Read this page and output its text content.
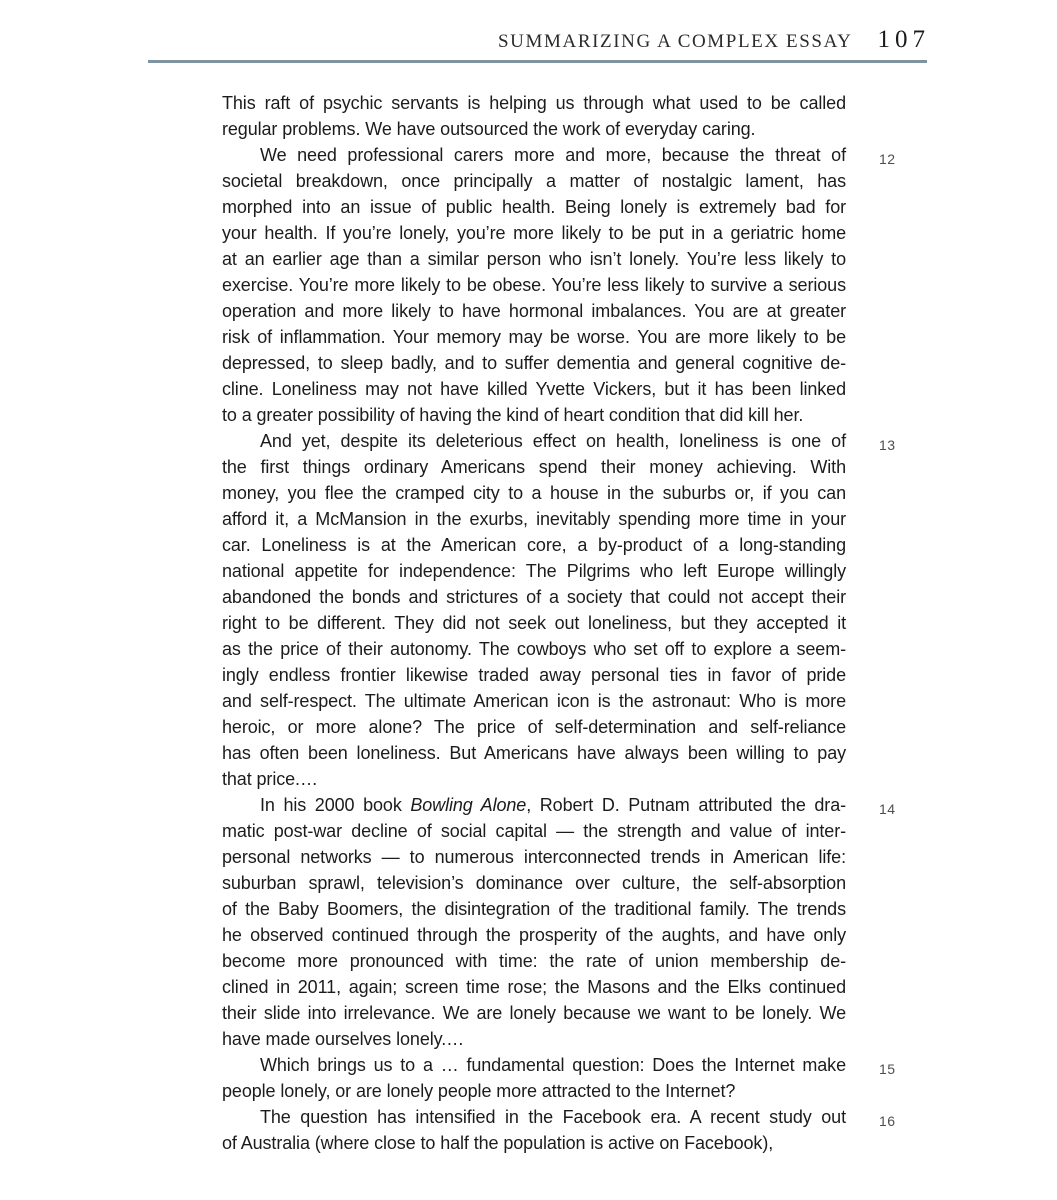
SUMMARIZING A COMPLEX ESSAY 107
This raft of psychic servants is helping us through what used to be called
regular problems. We have outsourced the work of everyday caring.
12
We need professional carers more and more, because the threat of
societal breakdown, once principally a matter of nostalgic lament, has
morphed into an issue of public health. Being lonely is extremely bad for
your health. If you’re lonely, you’re more likely to be put in a geriatric home
at an earlier age than a similar person who isn’t lonely. You’re less likely to
exercise. You’re more likely to be obese. You’re less likely to survive a serious
operation and more likely to have hormonal imbalances. You are at greater
risk of inflammation. Your memory may be worse. You are more likely to be
depressed, to sleep badly, and to suffer dementia and general cognitive de-
cline. Loneliness may not have killed Yvette Vickers, but it has been linked
to a greater possibility of having the kind of heart condition that did kill her.
13
And yet, despite its deleterious effect on health, loneliness is one of
the first things ordinary Americans spend their money achieving. With
money, you flee the cramped city to a house in the suburbs or, if you can
afford it, a McMansion in the exurbs, inevitably spending more time in your
car. Loneliness is at the American core, a by-product of a long-standing
national appetite for independence: The Pilgrims who left Europe willingly
abandoned the bonds and strictures of a society that could not accept their
right to be different. They did not seek out loneliness, but they accepted it
as the price of their autonomy. The cowboys who set off to explore a seem-
ingly endless frontier likewise traded away personal ties in favor of pride
and self-respect. The ultimate American icon is the astronaut: Who is more
heroic, or more alone? The price of self-determination and self-reliance
has often been loneliness. But Americans have always been willing to pay
that price.…
14
In his 2000 book Bowling Alone, Robert D. Putnam attributed the dra-
matic post-war decline of social capital — the strength and value of inter-
personal networks — to numerous interconnected trends in American life:
suburban sprawl, television’s dominance over culture, the self-absorption
of the Baby Boomers, the disintegration of the traditional family. The trends
he observed continued through the prosperity of the aughts, and have only
become more pronounced with time: the rate of union membership de-
clined in 2011, again; screen time rose; the Masons and the Elks continued
their slide into irrelevance. We are lonely because we want to be lonely. We
have made ourselves lonely.…
15
Which brings us to a … fundamental question: Does the Internet make
people lonely, or are lonely people more attracted to the Internet?
16
The question has intensified in the Facebook era. A recent study out
of Australia (where close to half the population is active on Facebook),
